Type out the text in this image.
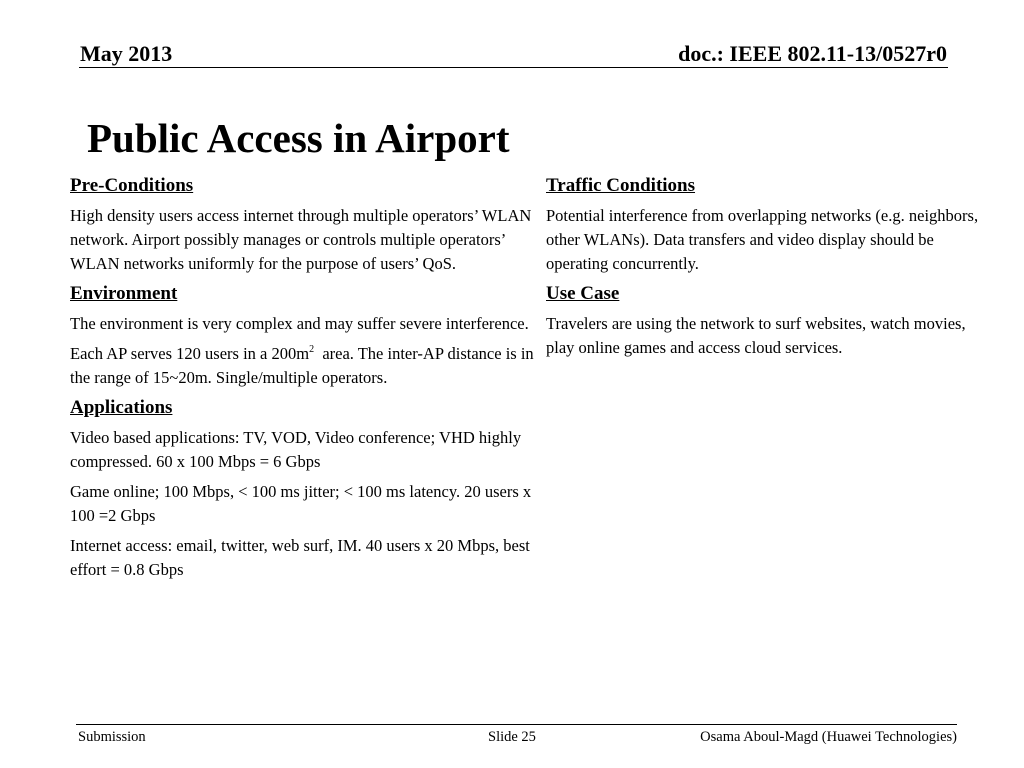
May 2013	doc.: IEEE 802.11-13/0527r0
Public Access in Airport
Pre-Conditions

High density users access internet through multiple operators’ WLAN network. Airport possibly manages or controls multiple operators’ WLAN networks uniformly for the purpose of users’ QoS.

Environment

The environment is very complex and may suffer severe interference.

Each AP serves 120 users in a $200m^2$  area. The inter-AP distance is in the range of 15~20m. Single/multiple operators.

Applications

Video based applications: TV, VOD, Video conference; VHD highly compressed. 60 x 100 Mbps = 6 Gbps

Game online; 100 Mbps, < 100 ms jitter; < 100 ms latency. 20 users x 100 =2 Gbps

Internet access: email, twitter, web surf, IM. 40 users x 20 Mbps, best effort = 0.8 Gbps

Traffic Conditions

Potential interference from overlapping networks (e.g. neighbors, other WLANs). Data transfers and video display should be operating concurrently.

Use Case

Travelers are using the network to surf websites, watch movies, play online games and access cloud services.

Submission	Slide 25	Osama Aboul-Magd (Huawei Technologies)
